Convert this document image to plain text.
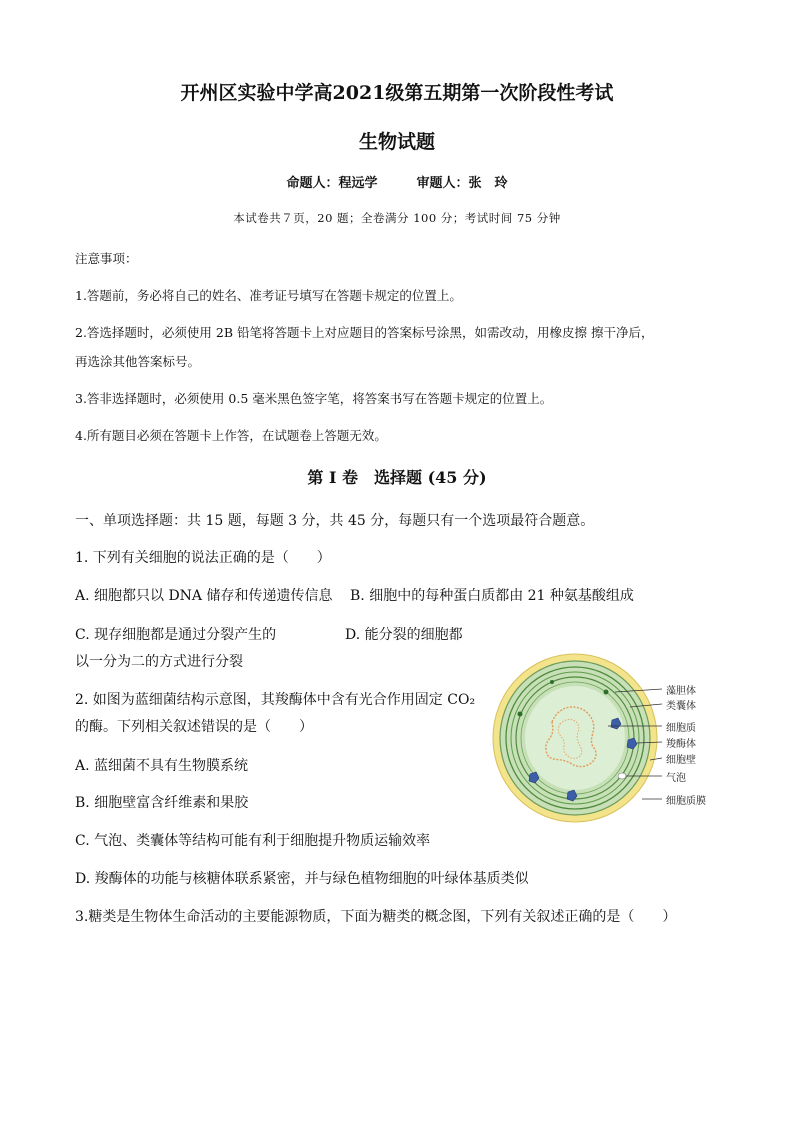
开州区实验中学高2021级第五期第一次阶段性考试
生物试题
命题人：程远学　　　审题人：张　玲
本试卷共７页，20 题；全卷满分 100 分；考试时间 75 分钟
注意事项：
1.答题前，务必将自己的姓名、准考证号填写在答题卡规定的位置上。
2.答选择题时，必须使用 2B 铅笔将答题卡上对应题目的答案标号涂黑，如需改动，用橡皮擦 擦干净后，
再选涂其他答案标号。
3.答非选择题时，必须使用 0.5 毫米黑色签字笔，将答案书写在答题卡规定的位置上。
4.所有题目必须在答题卡上作答，在试题卷上答题无效。
第 I 卷　选择题 (45 分)
一、单项选择题：共 15 题，每题 3 分，共 45 分，每题只有一个选项最符合题意。
1. 下列有关细胞的说法正确的是（　　）
A. 细胞都只以 DNA 储存和传递遗传信息 B. 细胞中的每种蛋白质都由 21 种氨基酸组成
C. 现存细胞都是通过分裂产生的	D. 能分裂的细胞都
以一分为二的方式进行分裂
2. 如图为蓝细菌结构示意图，其羧酶体中含有光合作用固定 CO₂
的酶。下列相关叙述错误的是（　　）
A. 蓝细菌不具有生物膜系统
B. 细胞壁富含纤维素和果胶
C. 气泡、类囊体等结构可能有利于细胞提升物质运输效率
D. 羧酶体的功能与核糖体联系紧密，并与绿色植物细胞的叶绿体基质类似
3.糖类是生物体生命活动的主要能源物质，下面为糖类的概念图，下列有关叙述正确的是（　　）
藻胆体
类囊体
细胞质
羧酶体
细胞壁
气泡
细胞质膜
